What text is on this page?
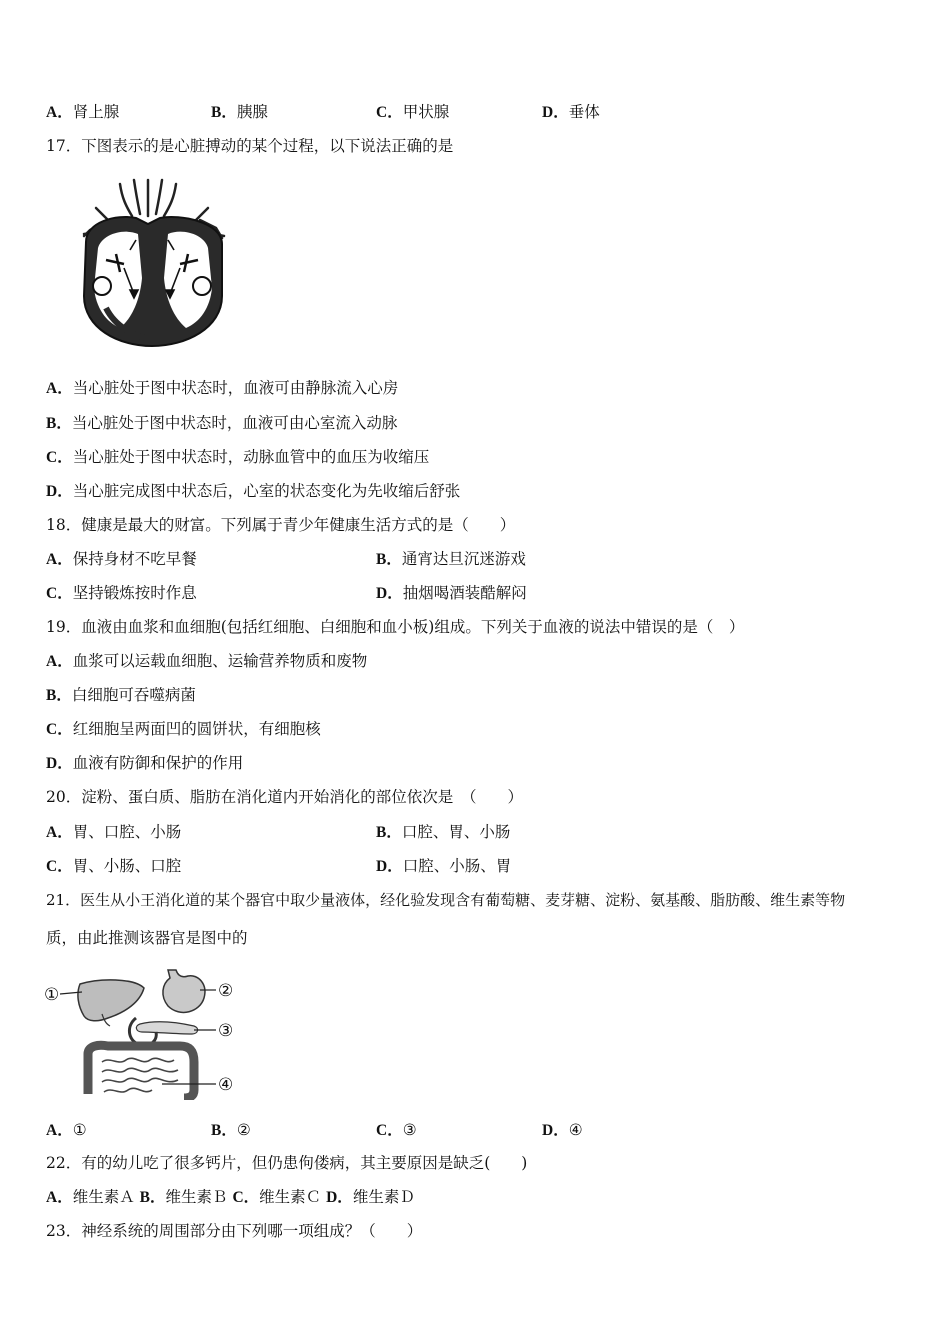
A．肾上腺	B．胰腺	C．甲状腺	D．垂体
17．下图表示的是心脏搏动的某个过程，以下说法正确的是
A．当心脏处于图中状态时，血液可由静脉流入心房
B．当心脏处于图中状态时，血液可由心室流入动脉
C．当心脏处于图中状态时，动脉血管中的血压为收缩压
D．当心脏完成图中状态后，心室的状态变化为先收缩后舒张
18．健康是最大的财富。下列属于青少年健康生活方式的是（　　）
A．保持身材不吃早餐	B．通宵达旦沉迷游戏
C．坚持锻炼按时作息	D．抽烟喝酒装酷解闷
19．血液由血浆和血细胞(包括红细胞、白细胞和血小板)组成。下列关于血液的说法中错误的是（　）
A．血浆可以运载血细胞、运输营养物质和废物
B．白细胞可吞噬病菌
C．红细胞呈两面凹的圆饼状，有细胞核
D．血液有防御和保护的作用
20．淀粉、蛋白质、脂肪在消化道内开始消化的部位依次是　（　　）
A．胃、口腔、小肠	B．口腔、胃、小肠
C．胃、小肠、口腔	D．口腔、小肠、胃
21．医生从小王消化道的某个器官中取少量液体，经化验发现含有葡萄糖、麦芽糖、淀粉、氨基酸、脂肪酸、维生素等物
质，由此推测该器官是图中的
①	②
③
④
A．①	B．②	C．③	D．④
22．有的幼儿吃了很多钙片，但仍患佝偻病，其主要原因是缺乏(　　)
A．维生素Ａ B．维生素Ｂ C．维生素Ｃ D．维生素Ｄ
23．神经系统的周围部分由下列哪一项组成？（　　）
